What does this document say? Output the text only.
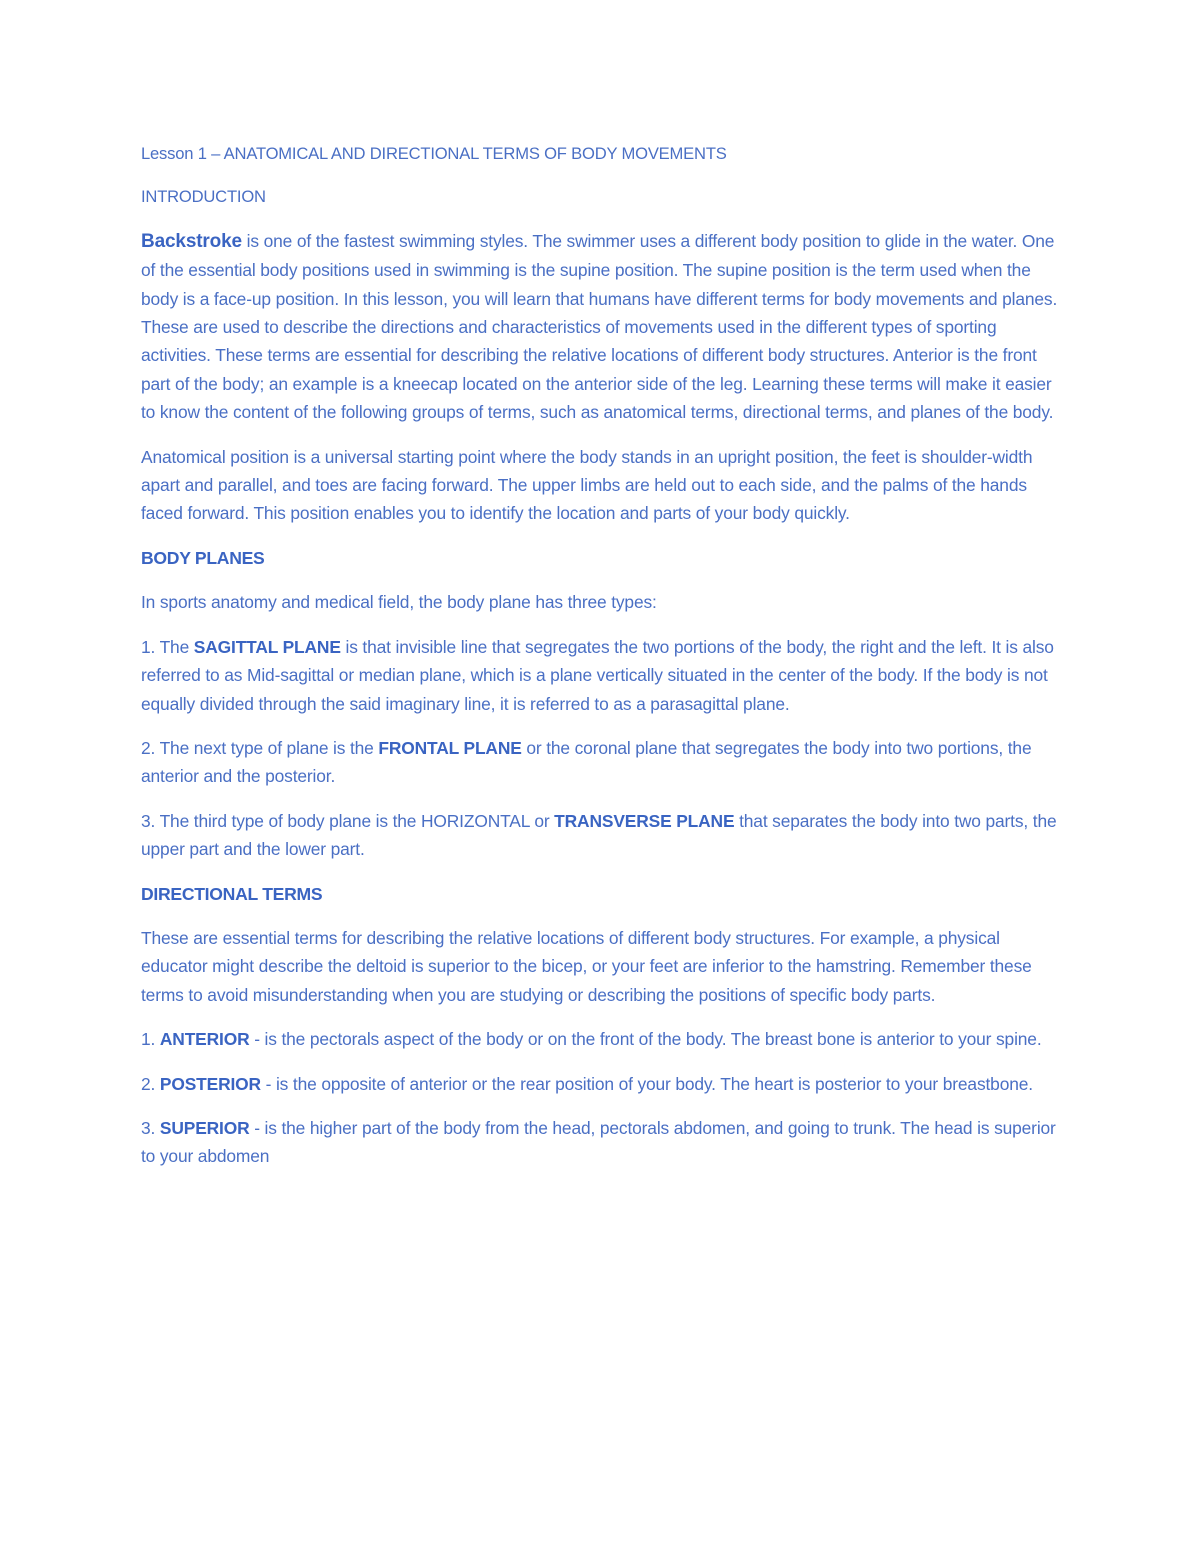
Lesson 1 – ANATOMICAL AND DIRECTIONAL TERMS OF BODY MOVEMENTS

INTRODUCTION

Backstroke is one of the fastest swimming styles. The swimmer uses a different body position to glide in the water. One of the essential body positions used in swimming is the supine position. The supine position is the term used when the body is a face-up position. In this lesson, you will learn that humans have different terms for body movements and planes. These are used to describe the directions and characteristics of movements used in the different types of sporting activities. These terms are essential for describing the relative locations of different body structures. Anterior is the front part of the body; an example is a kneecap located on the anterior side of the leg. Learning these terms will make it easier to know the content of the following groups of terms, such as anatomical terms, directional terms, and planes of the body.

Anatomical position is a universal starting point where the body stands in an upright position, the feet is shoulder-width apart and parallel, and toes are facing forward. The upper limbs are held out to each side, and the palms of the hands faced forward. This position enables you to identify the location and parts of your body quickly.

BODY PLANES

In sports anatomy and medical field, the body plane has three types:

1. The SAGITTAL PLANE is that invisible line that segregates the two portions of the body, the right and the left. It is also referred to as Mid-sagittal or median plane, which is a plane vertically situated in the center of the body. If the body is not equally divided through the said imaginary line, it is referred to as a parasagittal plane.

2. The next type of plane is the FRONTAL PLANE or the coronal plane that segregates the body into two portions, the anterior and the posterior.

3. The third type of body plane is the HORIZONTAL or TRANSVERSE PLANE that separates the body into two parts, the upper part and the lower part.

DIRECTIONAL TERMS

These are essential terms for describing the relative locations of different body structures. For example, a physical educator might describe the deltoid is superior to the bicep, or your feet are inferior to the hamstring. Remember these terms to avoid misunderstanding when you are studying or describing the positions of specific body parts.

1. ANTERIOR - is the pectorals aspect of the body or on the front of the body. The breast bone is anterior to your spine.

2. POSTERIOR - is the opposite of anterior or the rear position of your body. The heart is posterior to your breastbone.

3. SUPERIOR - is the higher part of the body from the head, pectorals abdomen, and going to trunk. The head is superior to your abdomen
